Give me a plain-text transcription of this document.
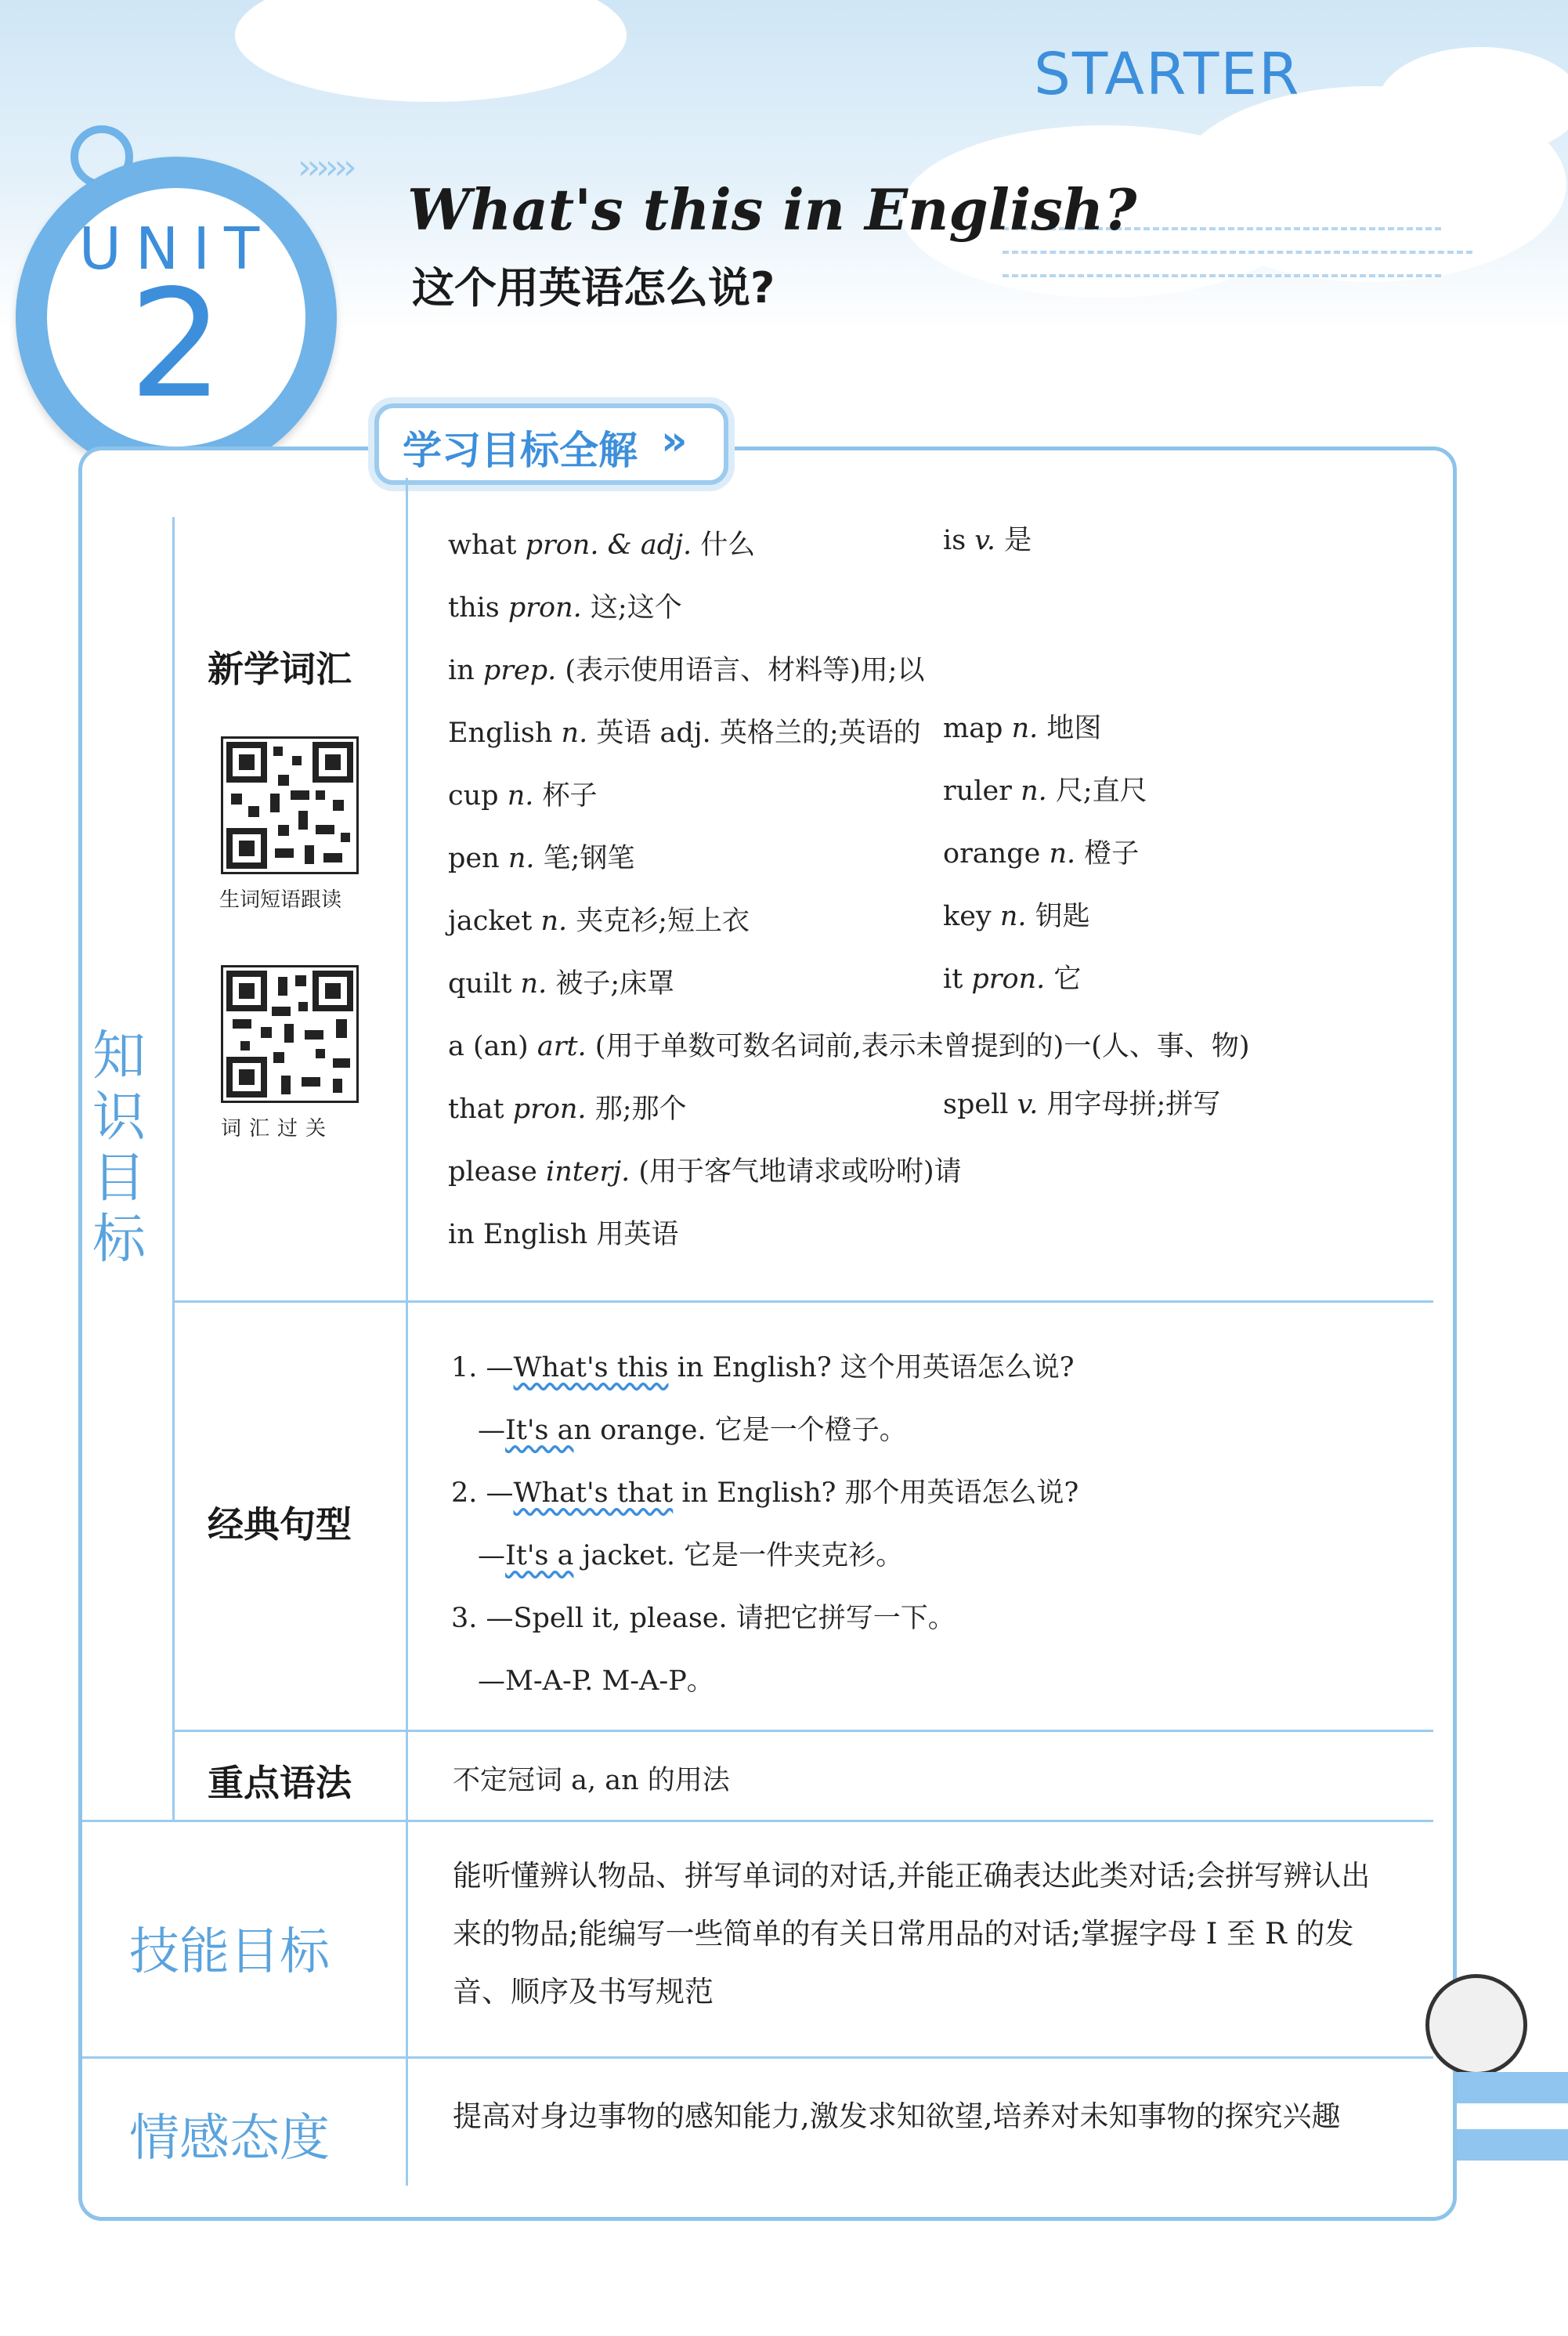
STARTER
UNIT
2
››››››
What's this in English?
这个用英语怎么说?
学习目标全解 »
知识目标
新学词汇
生词短语跟读
词汇过关
what pron. & adj. 什么
this pron. 这;这个
in prep. (表示使用语言、材料等)用;以
English n. 英语 adj. 英格兰的;英语的
cup n. 杯子
pen n. 笔;钢笔
jacket n. 夹克衫;短上衣
quilt n. 被子;床罩
a (an) art. (用于单数可数名词前,表示未曾提到的)一(人、事、物)
that pron. 那;那个
please interj. (用于客气地请求或吩咐)请
in English 用英语
is v. 是
map n. 地图
ruler n. 尺;直尺
orange n. 橙子
key n. 钥匙
it pron. 它
spell v. 用字母拼;拼写
经典句型
1. —What's this in English? 这个用英语怎么说?
—It's an orange. 它是一个橙子。
2. —What's that in English? 那个用英语怎么说?
—It's a jacket. 它是一件夹克衫。
3. —Spell it, please. 请把它拼写一下。
—M-A-P. M-A-P。
重点语法	不定冠词 a, an 的用法
技能目标
能听懂辨认物品、拼写单词的对话,并能正确表达此类对话;会拼写辨认出来的物品;能编写一些简单的有关日常用品的对话;掌握字母 I 至 R 的发音、顺序及书写规范
情感态度	提高对身边事物的感知能力,激发求知欲望,培养对未知事物的探究兴趣
